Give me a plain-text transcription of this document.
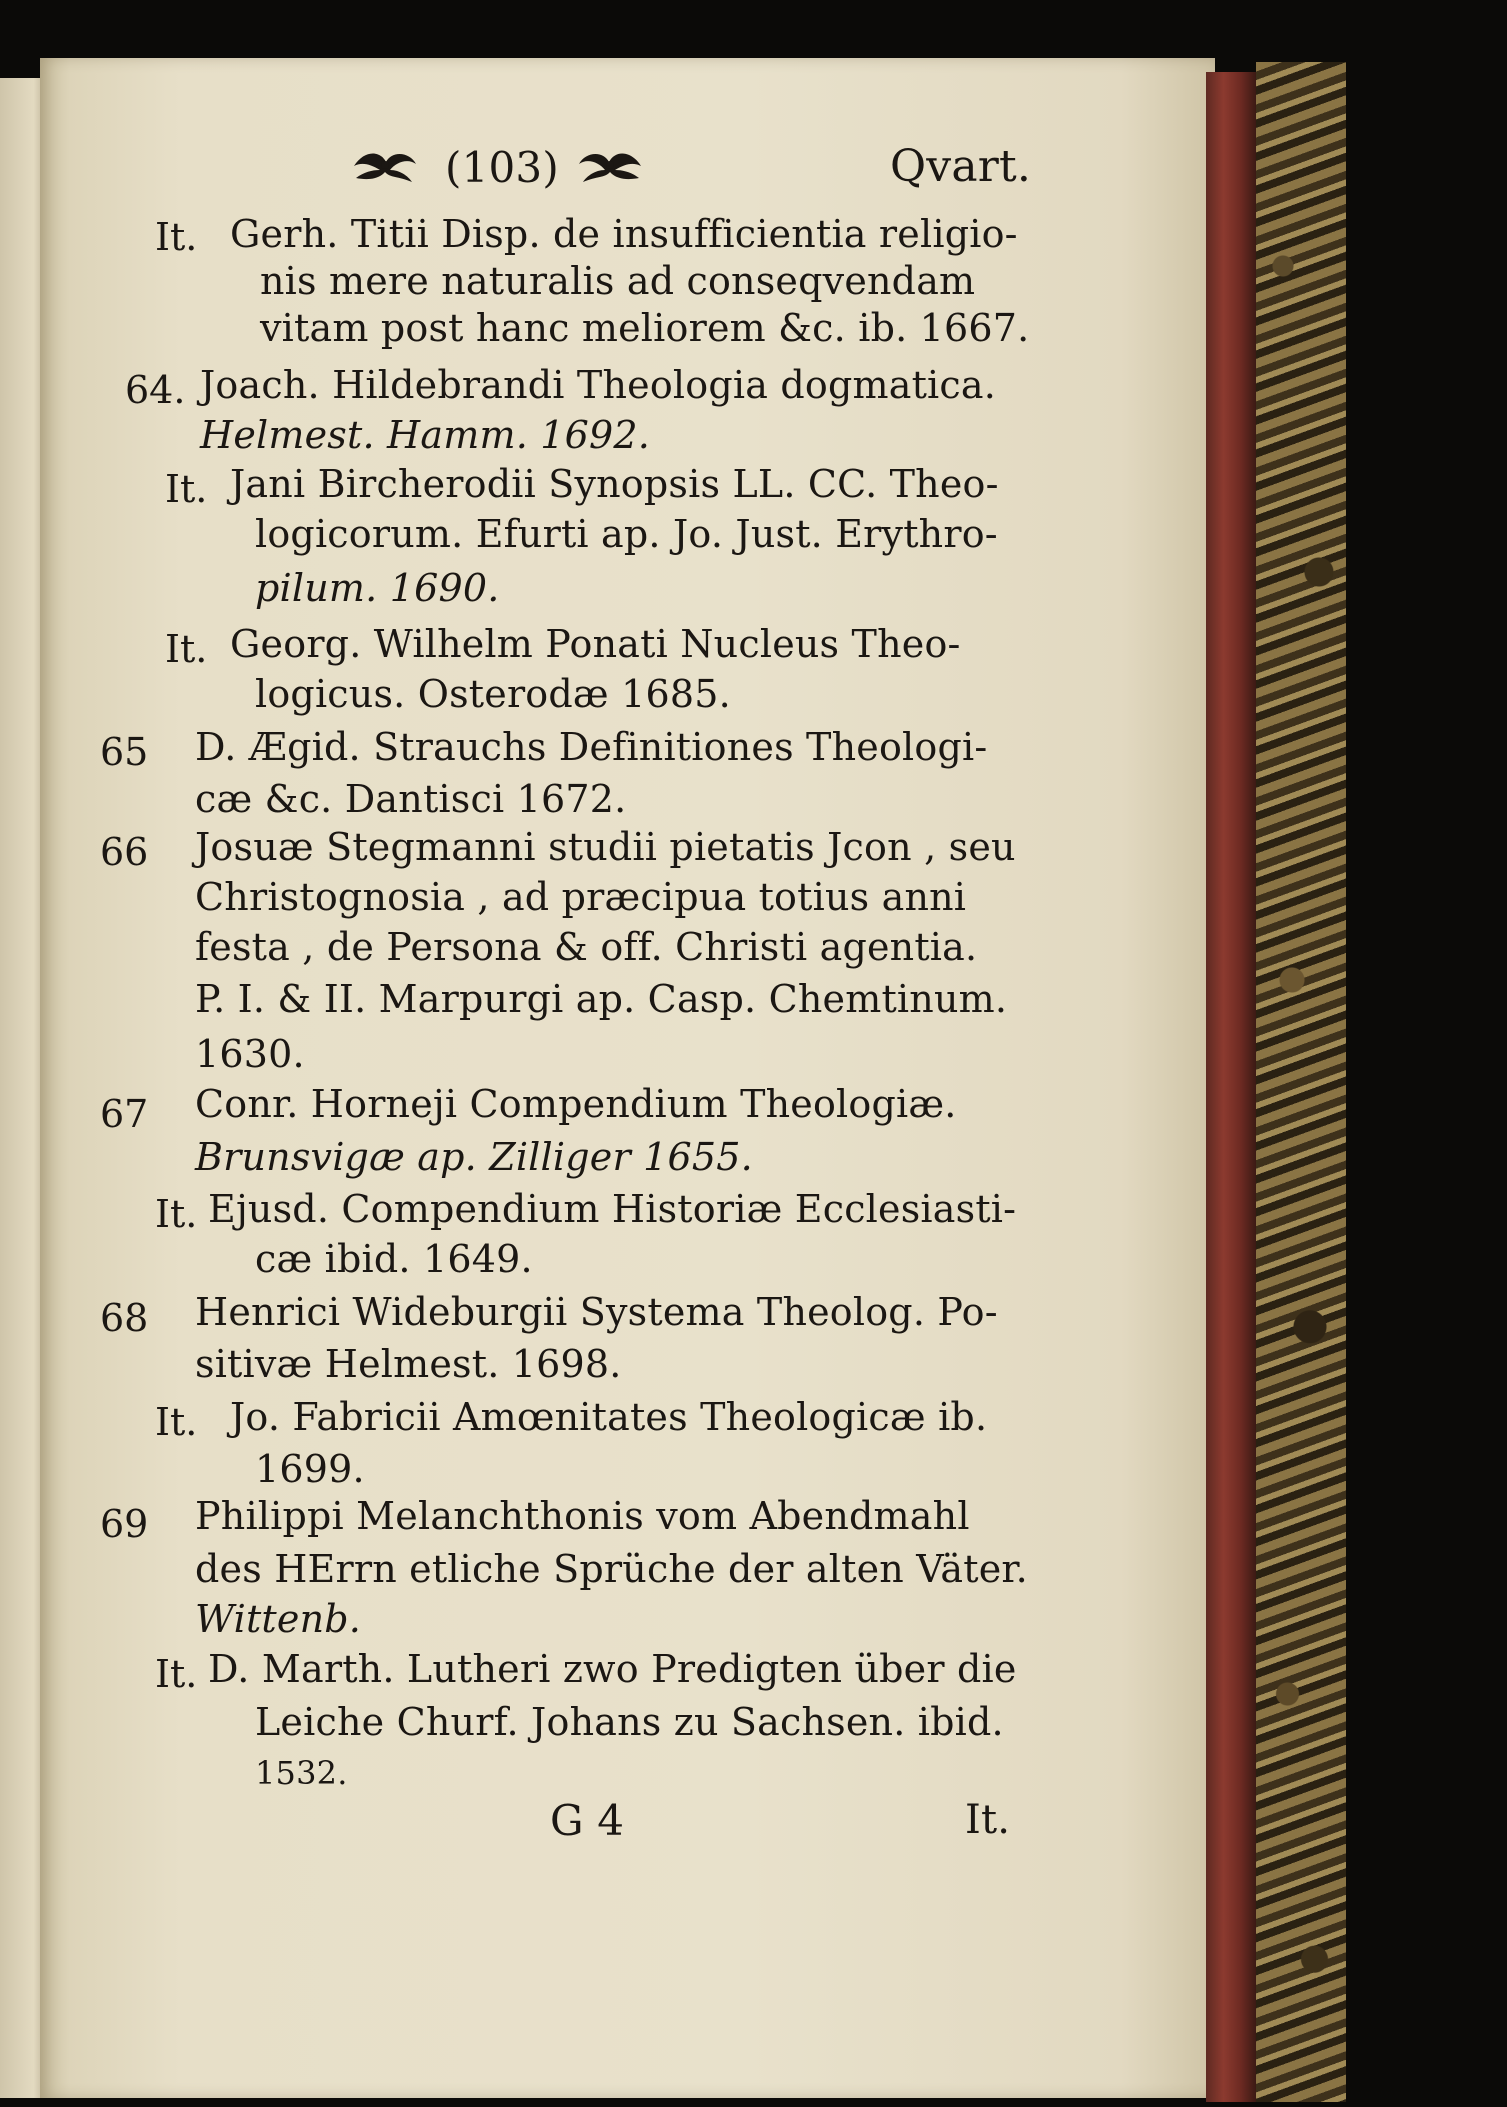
(103)	Qvart.

It. Gerh. Titii Disp. de insufficientia religio-

nis mere naturalis ad conseqvendam

vitam post hanc meliorem &c. ib. 1667.

64. Joach. Hildebrandi Theologia dogmatica.

Helmest. Hamm. 1692.

It. Jani Bircherodii Synopsis LL. CC. Theo-

logicorum. Efurti ap. Jo. Just. Erythro-

pilum. 1690.

It. Georg. Wilhelm Ponati Nucleus Theo-

logicus. Osterodæ 1685.

65 D. Ægid. Strauchs Definitiones Theologi-

cæ &c. Dantisci 1672.

66 Josuæ Stegmanni studii pietatis Jcon , seu

Christognosia , ad præcipua totius anni

festa , de Persona & off. Christi agentia.

P. I. & II. Marpurgi ap. Casp. Chemtinum.

1630.

67 Conr. Horneji Compendium Theologiæ.

Brunsvigæ ap. Zilliger 1655.

It. Ejusd. Compendium Historiæ Ecclesiasti-

cæ ibid. 1649.

68 Henrici Wideburgii Systema Theolog. Po-

sitivæ Helmest. 1698.

It. Jo. Fabricii Amœnitates Theologicæ ib.

1699.

69 Philippi Melanchthonis vom Abendmahl

des HErrn etliche Sprüche der alten Väter.

Wittenb.

It. D. Marth. Lutheri zwo Predigten über die

Leiche Churf. Johans zu Sachsen. ibid.

1532.

G 4	It.
